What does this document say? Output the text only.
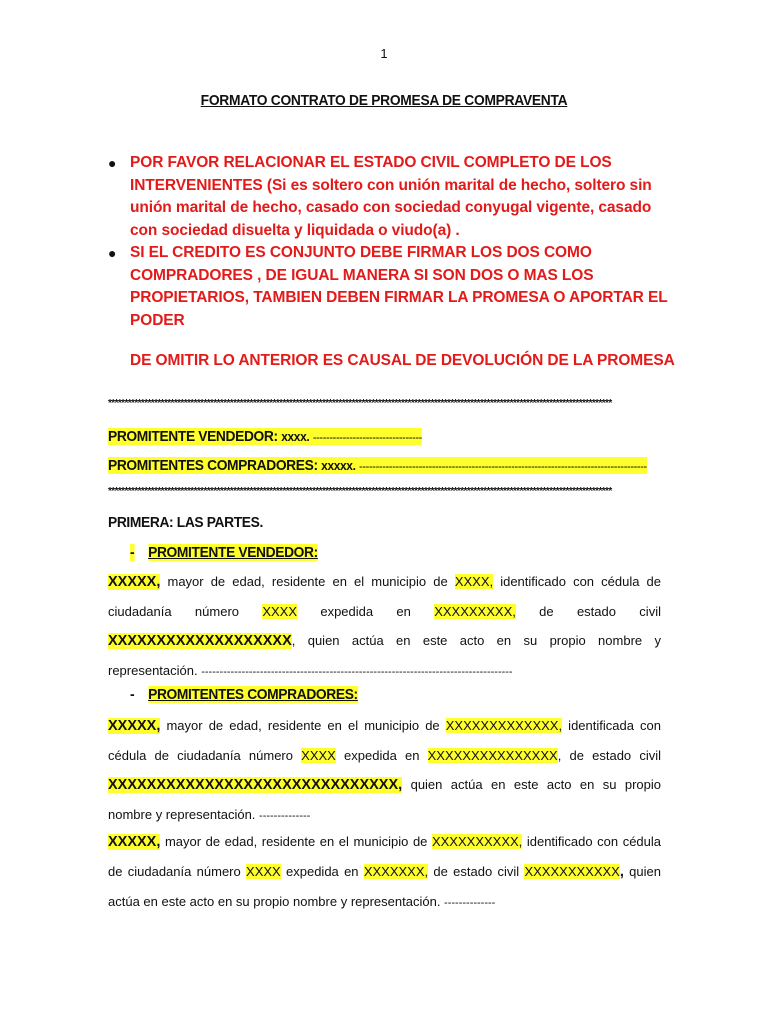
1
FORMATO CONTRATO DE PROMESA DE COMPRAVENTA

● POR FAVOR RELACIONAR EL ESTADO CIVIL COMPLETO DE LOS INTERVENIENTES (Si es soltero con unión marital de hecho, soltero sin unión marital de hecho, casado con sociedad conyugal vigente, casado con sociedad disuelta y liquidada o viudo(a) .

● SI EL CREDITO ES CONJUNTO DEBE FIRMAR LOS DOS COMO COMPRADORES , DE IGUAL MANERA SI SON DOS O MAS LOS PROPIETARIOS, TAMBIEN DEBEN FIRMAR LA PROMESA O APORTAR EL PODER

DE OMITIR LO ANTERIOR ES CAUSAL DE DEVOLUCIÓN DE LA PROMESA
*********************************************************************************************************************************************************
PROMITENTE VENDEDOR: xxxx. ---------------------------------
PROMITENTES COMPRADORES: xxxxx. ---------------------------------------------------------------------------------------
*********************************************************************************************************************************************************
PRIMERA: LAS PARTES.
- PROMITENTE VENDEDOR:
XXXXX, mayor de edad, residente en el municipio de XXXX, identificado con cédula de ciudadanía número XXXX expedida en XXXXXXXXX, de estado civil XXXXXXXXXXXXXXXXXXX, quien actúa en este acto en su propio nombre y representación. -------------------------------------------------------------------------------------
- PROMITENTES COMPRADORES:
XXXXX, mayor de edad, residente en el municipio de XXXXXXXXXXXXX, identificada con cédula de ciudadanía número XXXX expedida en XXXXXXXXXXXXXXX, de estado civil XXXXXXXXXXXXXXXXXXXXXXXXXXXXXX, quien actúa en este acto en su propio nombre y representación. --------------
XXXXX, mayor de edad, residente en el municipio de XXXXXXXXXX, identificado con cédula de ciudadanía número XXXX expedida en XXXXXXX, de estado civil XXXXXXXXXXX, quien actúa en este acto en su propio nombre y representación. --------------
